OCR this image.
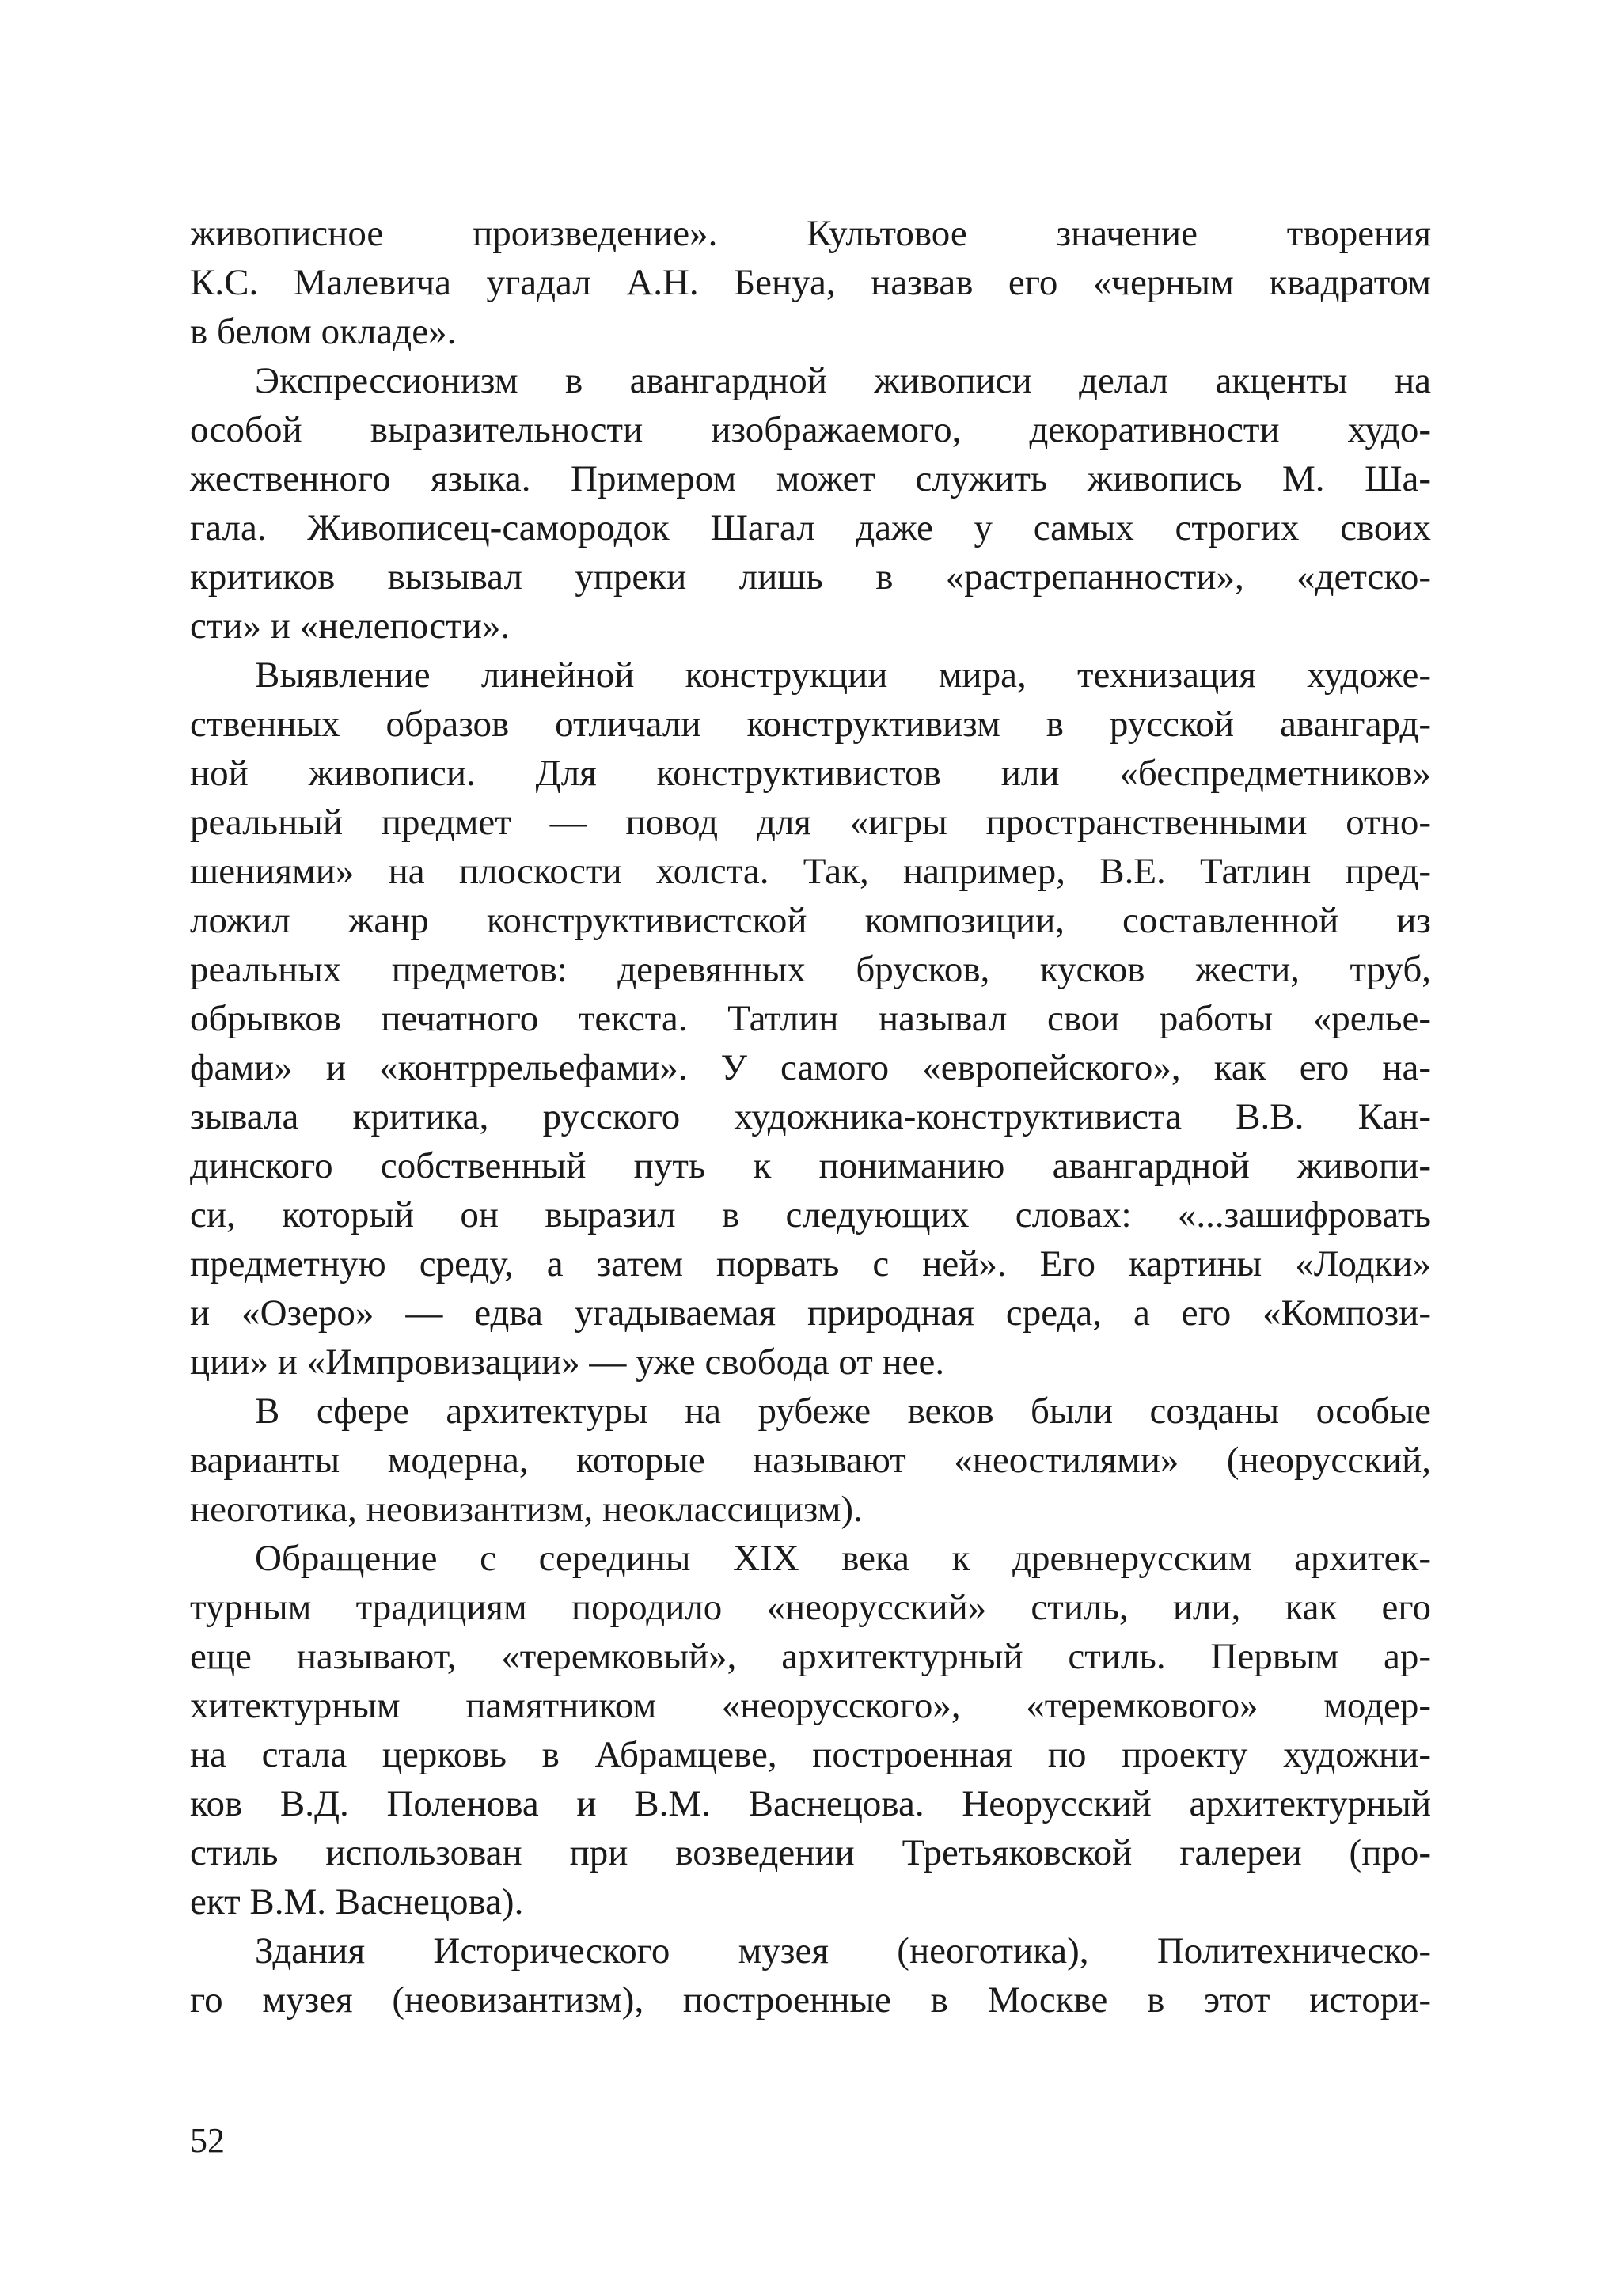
живописное произведение». Культовое значение творения
К.С. Малевича угадал А.Н. Бенуа, назвав его «черным квадратом
в белом окладе».
Экспрессионизм в авангардной живописи делал акценты на
особой выразительности изображаемого, декоративности худо-
жественного языка. Примером может служить живопись М. Ша-
гала. Живописец-самородок Шагал даже у самых строгих своих
критиков вызывал упреки лишь в «растрепанности», «детско-
сти» и «нелепости».
Выявление линейной конструкции мира, технизация художе-
ственных образов отличали конструктивизм в русской авангард-
ной живописи. Для конструктивистов или «беспредметников»
реальный предмет — повод для «игры пространственными отно-
шениями» на плоскости холста. Так, например, В.Е. Татлин пред-
ложил жанр конструктивистской композиции, составленной из
реальных предметов: деревянных брусков, кусков жести, труб,
обрывков печатного текста. Татлин называл свои работы «релье-
фами» и «контррельефами». У самого «европейского», как его на-
зывала критика, русского художника-конструктивиста В.В. Кан-
динского собственный путь к пониманию авангардной живопи-
си, который он выразил в следующих словах: «...зашифровать
предметную среду, а затем порвать с ней». Его картины «Лодки»
и «Озеро» — едва угадываемая природная среда, а его «Компози-
ции» и «Импровизации» — уже свобода от нее.
В сфере архитектуры на рубеже веков были созданы особые
варианты модерна, которые называют «неостилями» (неорусский,
неоготика, неовизантизм, неоклассицизм).
Обращение с середины XIX века к древнерусским архитек-
турным традициям породило «неорусский» стиль, или, как его
еще называют, «теремковый», архитектурный стиль. Первым ар-
хитектурным памятником «неорусского», «теремкового» модер-
на стала церковь в Абрамцеве, построенная по проекту художни-
ков В.Д. Поленова и В.М. Васнецова. Неорусский архитектурный
стиль использован при возведении Третьяковской галереи (про-
ект В.М. Васнецова).
Здания Исторического музея (неоготика), Политехническо-
го музея (неовизантизм), построенные в Москве в этот истори-
52
